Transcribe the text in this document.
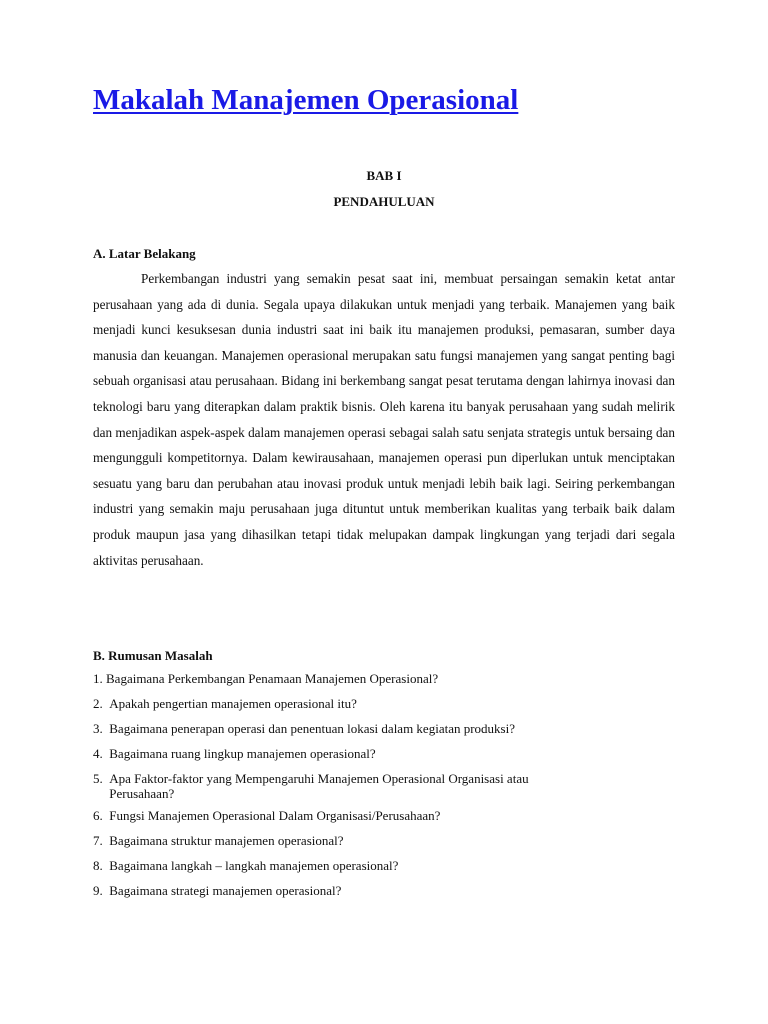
Makalah Manajemen Operasional

BAB I

PENDAHULUAN

A. Latar Belakang

Perkembangan industri yang semakin pesat saat ini, membuat persaingan semakin ketat antar perusahaan yang ada di dunia. Segala upaya dilakukan untuk menjadi yang terbaik. Manajemen yang baik menjadi kunci kesuksesan dunia industri saat ini baik itu manajemen produksi, pemasaran, sumber daya manusia dan keuangan. Manajemen operasional merupakan satu fungsi manajemen yang sangat penting bagi sebuah organisasi atau perusahaan. Bidang ini berkembang sangat pesat terutama dengan lahirnya inovasi dan teknologi baru yang diterapkan dalam praktik bisnis. Oleh karena itu banyak perusahaan yang sudah melirik dan menjadikan aspek-aspek dalam manajemen operasi sebagai salah satu senjata strategis untuk bersaing dan mengungguli kompetitornya. Dalam kewirausahaan, manajemen operasi pun diperlukan untuk menciptakan sesuatu yang baru dan perubahan atau inovasi produk untuk menjadi lebih baik lagi. Seiring perkembangan industri yang semakin maju perusahaan juga dituntut untuk memberikan kualitas yang terbaik baik dalam produk maupun jasa yang dihasilkan tetapi tidak melupakan dampak lingkungan yang terjadi dari segala aktivitas perusahaan.

B. Rumusan Masalah
1. Bagaimana Perkembangan Penamaan Manajemen Operasional?
2. Apakah pengertian manajemen operasional itu?
3. Bagaimana penerapan operasi dan penentuan lokasi dalam kegiatan produksi?
4. Bagaimana ruang lingkup manajemen operasional?
5. Apa Faktor-faktor yang Mempengaruhi Manajemen Operasional Organisasi atau Perusahaan?
6. Fungsi Manajemen Operasional Dalam Organisasi/Perusahaan?
7. Bagaimana struktur manajemen operasional?
8. Bagaimana langkah – langkah manajemen operasional?
9. Bagaimana strategi manajemen operasional?
